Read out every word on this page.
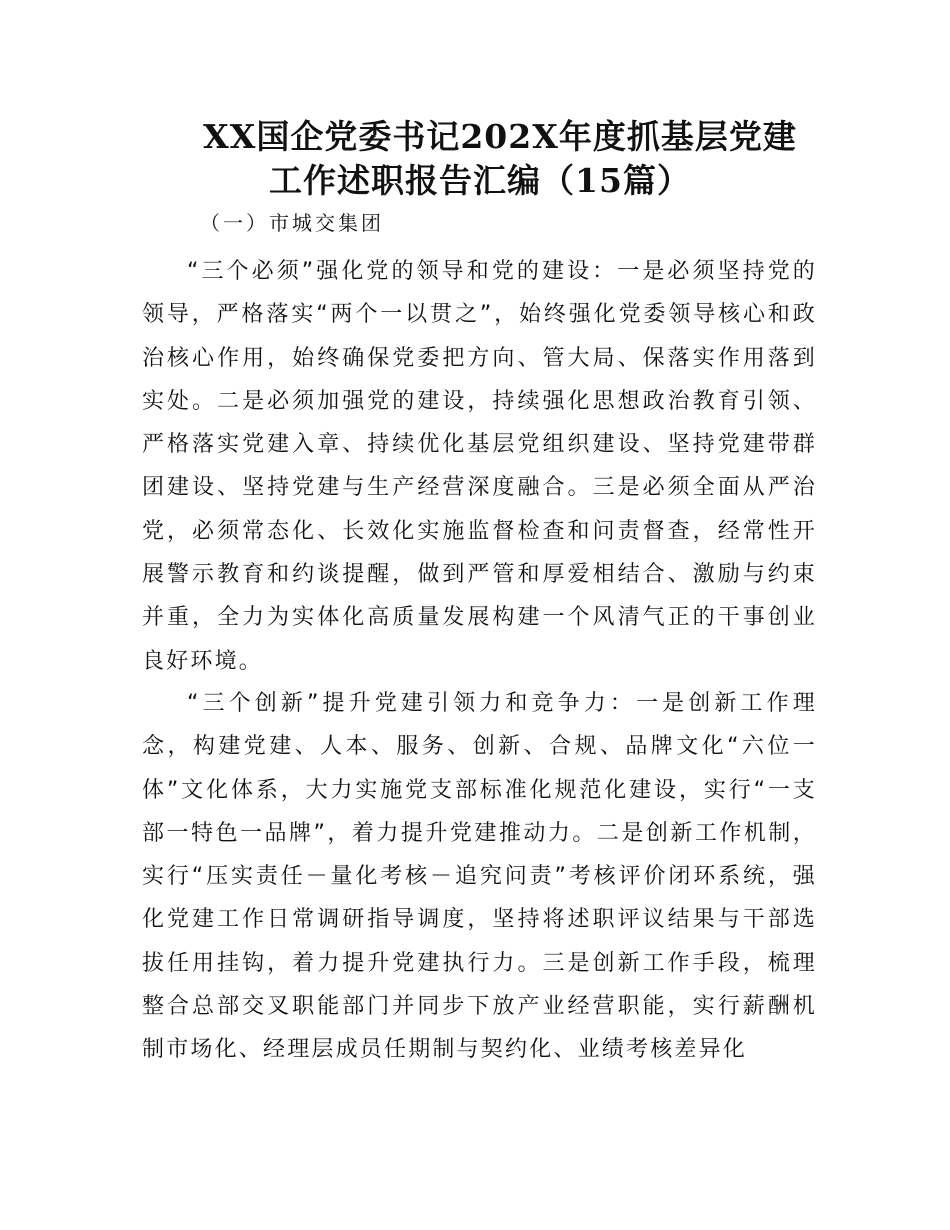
XX国企党委书记202X年度抓基层党建
工作述职报告汇编（15篇）

（一）市城交集团

“三个必须”强化党的领导和党的建设：一是必须坚持党的领导，严格落实“两个一以贯之”，始终强化党委领导核心和政治核心作用，始终确保党委把方向、管大局、保落实作用落到实处。二是必须加强党的建设，持续强化思想政治教育引领、严格落实党建入章、持续优化基层党组织建设、坚持党建带群团建设、坚持党建与生产经营深度融合。三是必须全面从严治党，必须常态化、长效化实施监督检查和问责督查，经常性开展警示教育和约谈提醒，做到严管和厚爱相结合、激励与约束并重，全力为实体化高质量发展构建一个风清气正的干事创业良好环境。

“三个创新”提升党建引领力和竞争力：一是创新工作理念，构建党建、人本、服务、创新、合规、品牌文化“六位一体”文化体系，大力实施党支部标准化规范化建设，实行“一支部一特色一品牌”，着力提升党建推动力。二是创新工作机制，实行“压实责任－量化考核－追究问责”考核评价闭环系统，强化党建工作日常调研指导调度，坚持将述职评议结果与干部选拔任用挂钩，着力提升党建执行力。三是创新工作手段，梳理整合总部交叉职能部门并同步下放产业经营职能，实行薪酬机制市场化、经理层成员任期制与契约化、业绩考核差异化
